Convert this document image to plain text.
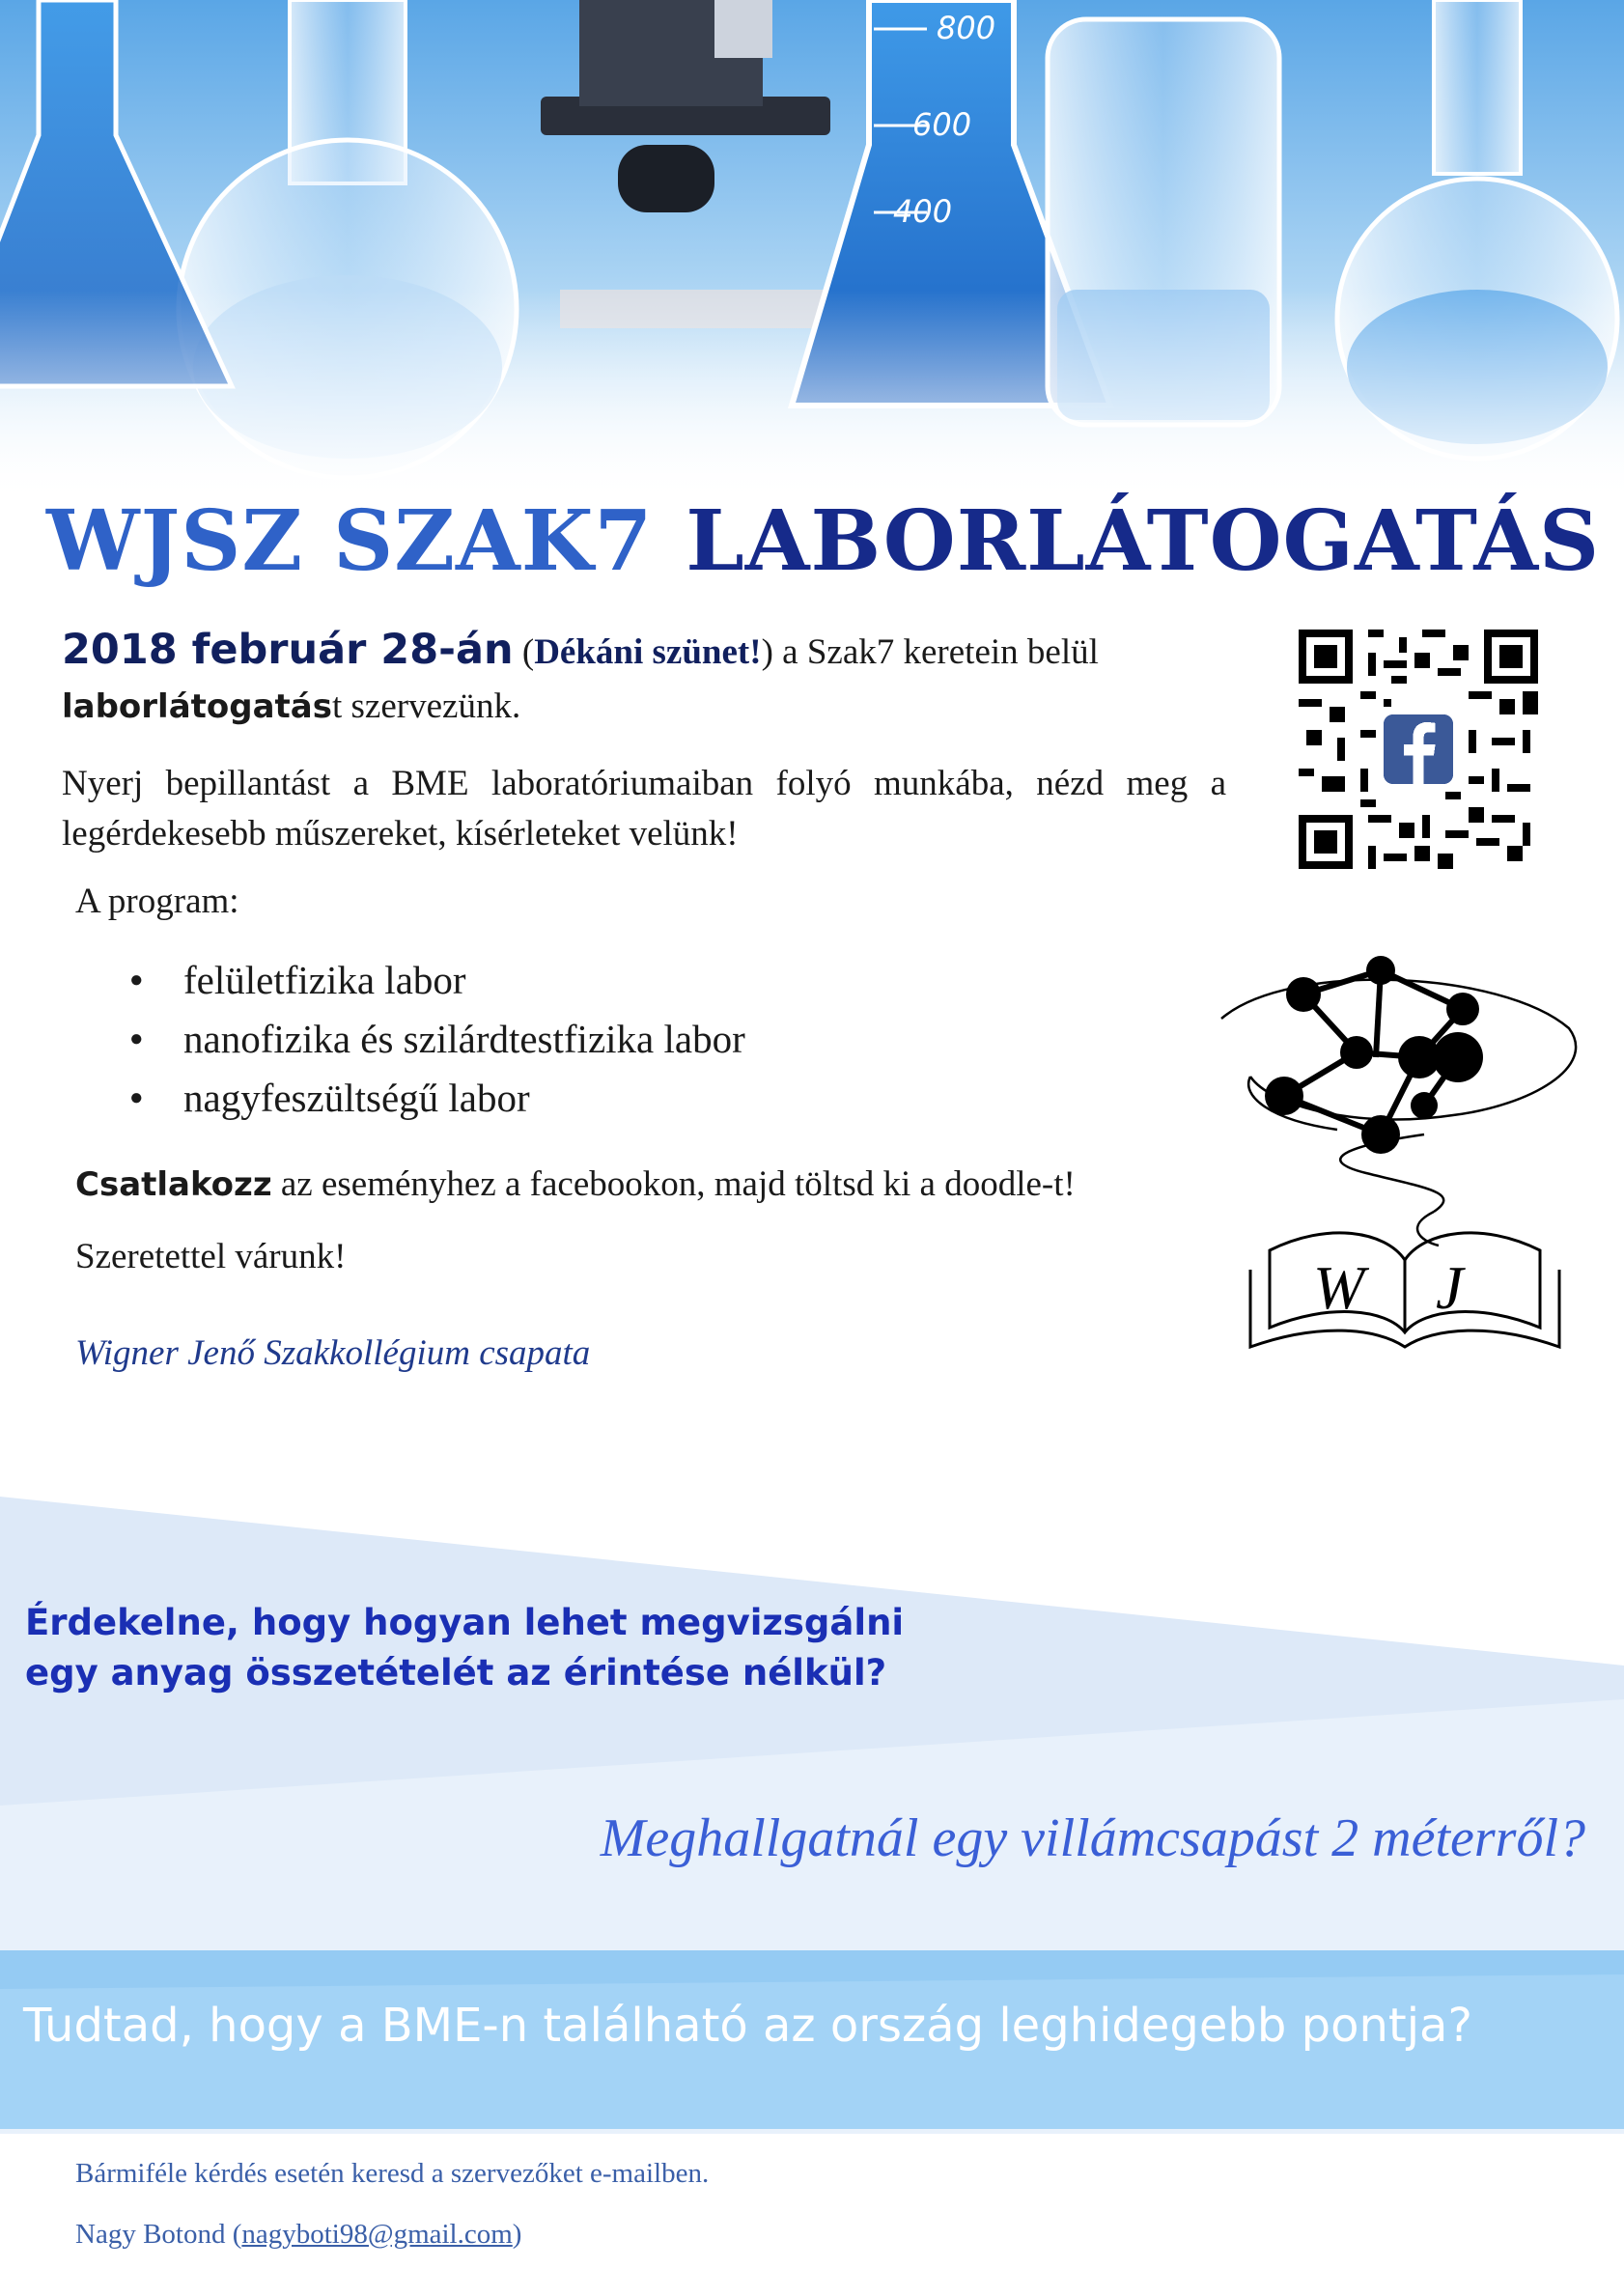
800
600
400
WJSZ SZAK7 LABORLÁTOGATÁS
2018 február 28-án (Dékáni szünet!) a Szak7 keretein belül
laborlátogatást szervezünk.
Nyerj bepillantást a BME laboratóriumaiban folyó munkába, nézd meg a legérdekesebb műszereket, kísérleteket velünk!
A program:
● felületfizika labor
● nanofizika és szilárdtestfizika labor
● nagyfeszültségű labor
W J
Csatlakozz az eseményhez a facebookon, majd töltsd ki a doodle-t!
Szeretettel várunk!
Wigner Jenő Szakkollégium csapata
Érdekelne, hogy hogyan lehet megvizsgálni
egy anyag összetételét az érintése nélkül?
Meghallgatnál egy villámcsapást 2 méterről?
Tudtad, hogy a BME-n található az ország leghidegebb pontja?
Bármiféle kérdés esetén keresd a szervezőket e-mailben.
Nagy Botond (nagyboti98@gmail.com)
